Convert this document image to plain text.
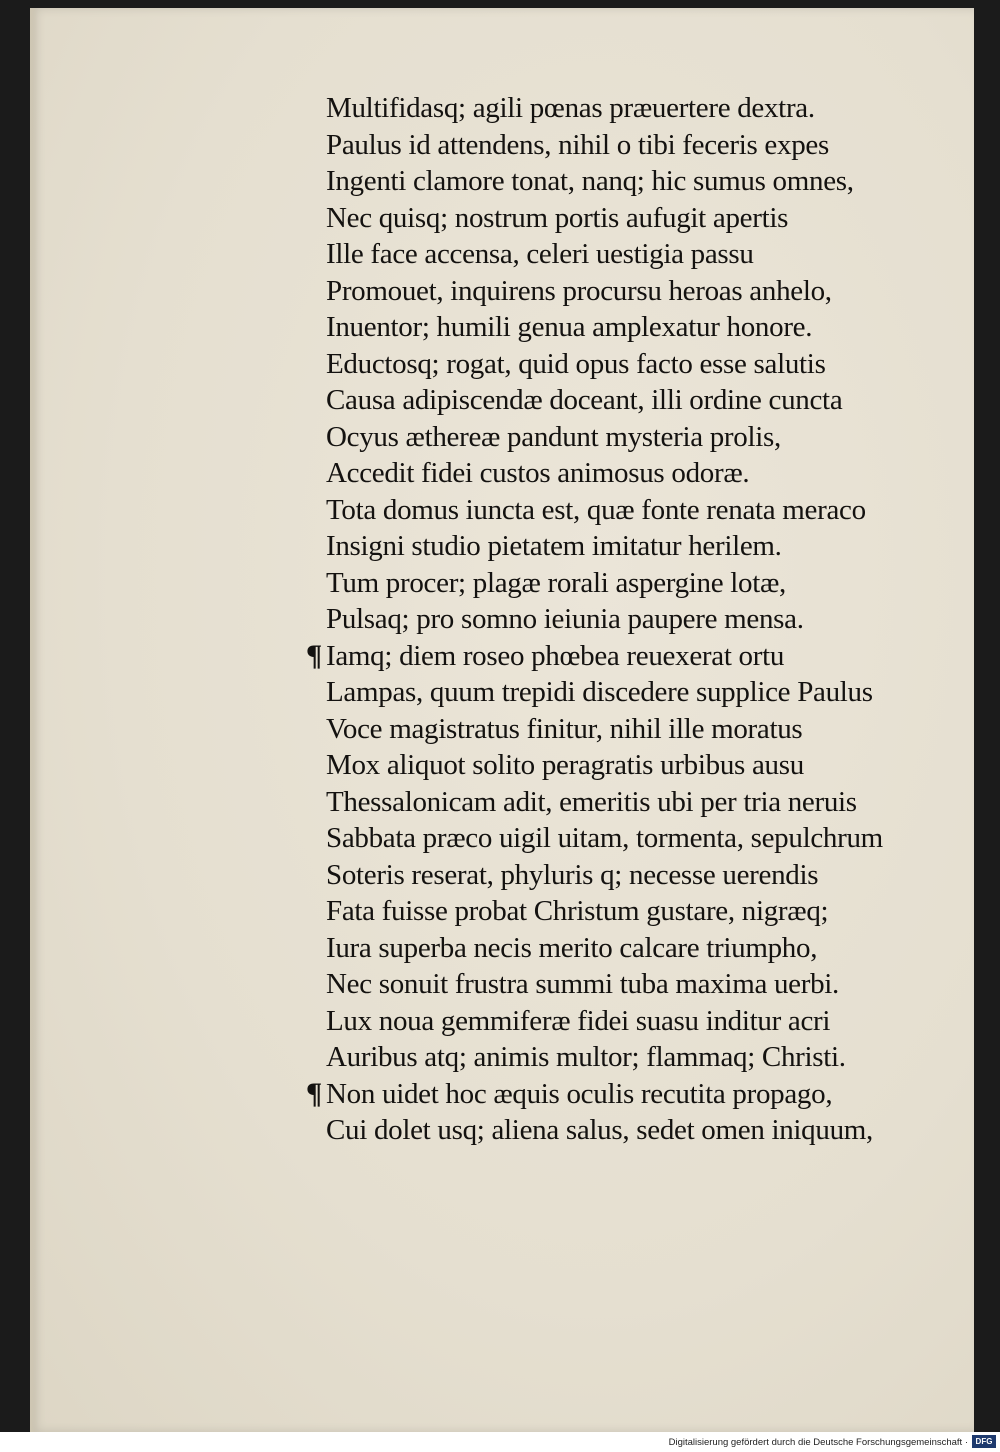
Multifidasq; agili pœnas præuertere dextra.
Paulus id attendens, nihil o tibi feceris expes
Ingenti clamore tonat, nanq; hic sumus omnes,
Nec quisq; nostrum portis aufugit apertis
Ille face accensa, celeri uestigia passu
Promouet, inquirens procursu heroas anhelo,
Inuentor; humili genua amplexatur honore.
Eductosq; rogat, quid opus facto esse salutis
Causa adipiscendæ doceant, illi ordine cuncta
Ocyus æthereæ pandunt mysteria prolis,
Accedit fidei custos animosus odoræ.
Tota domus iuncta est, quæ fonte renata meraco
Insigni studio pietatem imitatur herilem.
Tum procer; plagæ rorali aspergine lotæ,
Pulsaq; pro somno ieiunia paupere mensa.
¶ Iamq; diem roseo phœbea reuexerat ortu
Lampas, quum trepidi discedere supplice Paulus
Voce magistratus finitur, nihil ille moratus
Mox aliquot solito peragratis urbibus ausu
Thessalonicam adit, emeritis ubi per tria neruis
Sabbata præco uigil uitam, tormenta, sepulchrum
Soteris reserat, phyluris q; necesse uerendis
Fata fuisse probat Christum gustare, nigræq;
Iura superba necis merito calcare triumpho,
Nec sonuit frustra summi tuba maxima uerbi.
Lux noua gemmiferæ fidei suasu inditur acri
Auribus atq; animis multor; flammaq; Christi.
¶ Non uidet hoc æquis oculis recutita propago,
Cui dolet usq; aliena salus, sedet omen iniquum,
Digitalisierung gefördert durch die Deutsche Forschungsgemeinschaft · DFG
